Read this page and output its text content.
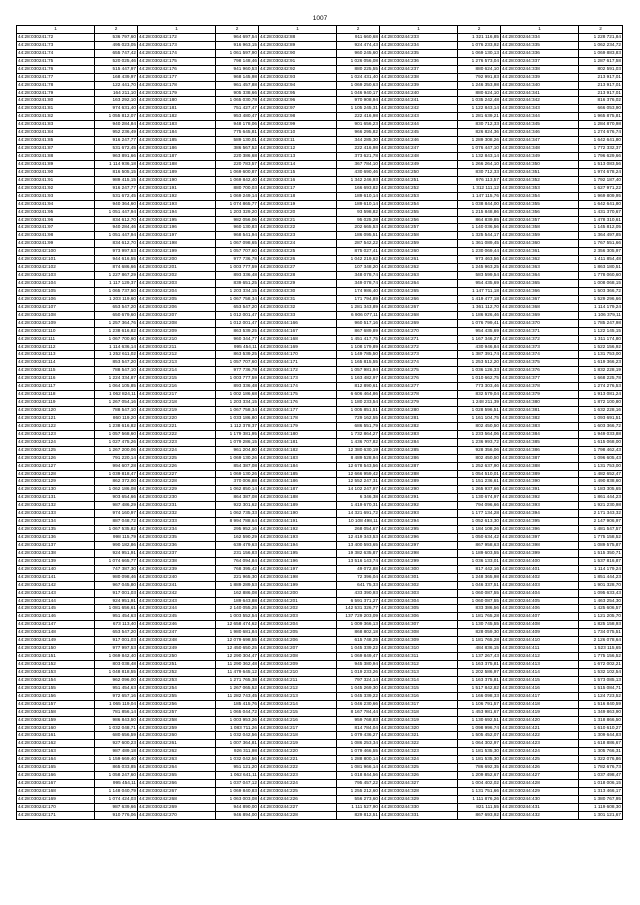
1007
1	2	1	2	1	2	1	2	1	2
44:28:030241:72	536 797,60	44:28:030242:172	964 697,54	44:28:030242:88	911 660,68	44:28:030244:233	1 321 116,85	44:28:030244:334	1 228 721,84
44:28:030241:73	495 023,05	44:28:030242:173	916 963,15	44:28:030242:89	924 474,43	44:28:030244:234	1 076 233,92	44:28:030244:335	1 062 234,72
44:28:030241:74	655 747,42	44:28:030242:174	1 061 597,90	44:28:030242:90	960 245,60	44:28:030244:235	1 069 130,13	44:28:030244:336	1 069 883,83
44:28:030241:75	520 025,46	44:28:030242:175	798 148,46	44:28:030242:91	1 026 056,08	44:28:030244:236	1 276 573,04	44:28:030244:337	1 287 617,58
44:28:030241:76	515 447,97	44:28:030242:176	941 960,53	44:28:030242:92	880 225,55	44:28:030244:237	880 624,10	44:28:030244:338	802 591,03
44:28:030241:77	168 439,97	44:28:030242:177	968 145,98	44:28:030242:93	1 024 431,40	44:28:030244:238	792 991,83	44:28:030244:339	213 917,01
44:28:030241:78	122 441,70	44:28:030242:178	961 457,88	44:28:030242:94	1 069 250,63	44:28:030244:239	1 246 353,98	44:28:030244:340	213 917,01
44:28:030241:79	164 211,10	44:28:030242:179	905 338,66	44:28:030242:95	1 046 940,17	44:28:030244:240	880 624,10	44:28:030244:341	213 917,01
44:28:030241:80	163 292,10	44:28:030242:180	1 065 030,78	44:28:030242:96	970 908,94	44:28:030244:241	1 035 242,48	44:28:030244:342	816 376,02
44:28:030241:81	974 631,40	44:28:030242:181	751 427,47	44:28:030242:97	1 105 245,31	44:28:030244:242	1 122 843,14	44:28:030244:343	666 053,90
44:28:030241:82	1 055 812,07	44:28:030242:182	953 480,47	44:28:030242:98	222 416,98	44:28:030244:243	1 281 639,21	44:28:030244:344	1 965 875,81
44:28:030241:83	940 284,84	44:28:030242:183	948 178,06	44:28:030242:99	901 656,23	44:28:030244:244	830 712,33	44:28:030244:345	1 284 870,98
44:28:030241:84	952 236,49	44:28:030242:184	775 645,81	44:28:030243:10	966 295,82	44:28:030244:245	826 824,36	44:28:030244:346	1 274 676,74
44:28:030241:85	916 247,77	44:28:030242:185	589 130,01	44:28:030243:11	344 285,30	44:28:030244:246	1 289 308,26	44:28:030244:347	1 642 641,80
44:28:030241:87	531 672,45	44:28:030242:186	386 567,52	44:28:030243:12	222 416,98	44:28:030244:247	1 076 447,10	44:28:030244:348	1 772 332,37
44:28:030241:88	963 891,66	44:28:030242:187	220 386,68	44:28:030243:13	373 621,78	44:28:030244:248	1 132 843,14	44:28:030244:349	1 796 629,66
44:28:030241:89	1 114 936,18	44:28:030242:188	220 783,57	44:28:030243:14	367 784,10	44:28:030244:249	1 266 264,10	44:28:030244:350	1 513 083,56
44:28:030241:90	816 505,15	44:28:030242:189	1 069 600,87	44:28:030243:15	430 690,46	44:28:030244:250	830 712,33	44:28:030244:351	1 974 678,24
44:28:030241:91	989 415,15	44:28:030242:190	1 069 842,40	44:28:030243:16	1 342 246,93	44:28:030244:251	976 113,57	44:28:030244:352	1 792 187,40
44:28:030241:92	916 247,77	44:28:030242:191	880 700,03	44:28:030243:17	166 693,82	44:28:030244:252	1 312 111,12	44:28:030244:353	1 627 971,22
44:28:030241:93	531 672,45	44:28:030242:192	1 069 249,14	44:28:030243:18	189 610,14	44:28:030244:253	1 147 115,76	44:28:030244:354	1 969 809,95
44:28:030241:94	940 364,60	44:28:030242:193	1 074 865,77	44:28:030243:19	189 610,14	44:28:030244:254	1 038 844,00	44:28:030244:355	1 642 641,80
44:28:030241:95	1 051 447,94	44:28:030242:194	1 203 329,20	44:28:030243:20	93 598,82	44:28:030244:255	1 215 848,86	44:28:030244:356	1 431 370,67
44:28:030241:96	834 612,70	44:28:030242:195	982 056,06	44:28:030243:21	95 025,28	44:28:030244:256	864 839,85	44:28:030244:357	1 478 310,61
44:28:030241:97	940 284,46	44:28:030242:196	960 130,83	44:28:030243:22	202 665,53	44:28:030244:257	1 140 036,56	44:28:030244:358	1 145 812,05
44:28:030241:98	1 051 447,94	44:28:030242:197	968 541,94	44:28:030243:23	186 095,51	44:28:030244:258	1 325 544,17	44:28:030244:359	1 364 497,85
44:28:030241:99	834 612,70	44:28:030242:198	1 067 098,65	44:28:030243:24	287 542,22	44:28:030244:259	1 361 089,45	44:28:030244:360	1 767 551,66
44:28:030242:100	973 997,53	44:28:030242:199	1 057 707,60	44:28:030243:25	875 027,41	44:28:030244:260	1 230 069,44	44:28:030244:361	2 356 305,97
44:28:030242:101	944 616,55	44:28:030242:200	977 736,78	44:28:030243:26	1 042 219,62	44:28:030244:261	973 463,56	44:28:030244:362	1 411 854,48
44:28:030242:102	874 686,66	44:28:030242:201	1 003 777,59	44:28:030243:27	107 348,20	44:28:030244:262	1 245 963,25	44:28:030244:363	1 863 180,51
44:28:030242:103	1 227 867,29	44:28:030242:202	893 336,48	44:28:030243:28	348 078,74	44:28:030244:263	583 599,54	44:28:030244:364	1 778 060,60
44:28:030242:104	1 117 129,37	44:28:030242:203	839 651,25	44:28:030243:29	349 078,74	44:28:030244:264	954 435,69	44:28:030244:365	1 008 068,15
44:28:030242:105	1 065 737,50	44:28:030242:204	1 203 334,15	44:28:030243:30	174 986,40	44:28:030244:265	1 147 711,18	44:28:030244:366	1 503 366,72
44:28:030242:106	1 203 119,60	44:28:030242:205	1 067 758,34	44:28:030243:31	171 794,89	44:28:030244:266	1 419 477,18	44:28:030244:367	1 529 296,66
44:28:030242:107	653 547,20	44:28:030242:206	653 547,20	44:28:030243:32	1 281 343,89	44:28:030244:267	1 361 112,70	44:28:030244:368	1 114 179,24
44:28:030242:108	650 679,60	44:28:030242:207	1 012 001,47	44:28:030243:33	6 906 077,11	44:28:030244:268	1 186 926,46	44:28:030244:369	1 106 379,11
44:28:030242:109	1 257 364,76	44:28:030242:208	1 012 001,47	44:28:030244:166	960 517,16	44:28:030244:269	1 076 799,41	44:28:030244:370	1 785 247,98
44:28:030242:110	1 238 616,82	44:28:030242:209	863 539,25	44:28:030244:167	867 689,89	44:28:030244:270	954 435,69	44:28:030244:371	1 122 145,15
44:28:030242:111	1 067 700,60	44:28:030242:210	960 344,77	44:28:030244:168	1 451 417,75	44:28:030244:271	1 167 346,27	44:28:030244:372	1 311 174,80
44:28:030242:112	1 114 636,14	44:28:030242:211	995 454,11	44:28:030244:169	1 108 179,89	44:28:030244:272	430 946,84	44:28:030244:373	1 522 156,92
44:28:030242:113	1 252 611,02	44:28:030242:212	863 539,25	44:28:030244:170	1 149 785,50	44:28:030244:273	1 387 391,74	44:28:030244:374	1 131 753,00
44:28:030242:114	853 547,20	44:28:030242:213	1 057 707,60	44:28:030244:171	1 165 815,55	44:28:030244:274	1 253 512,20	44:28:030244:375	1 619 366,23
44:28:030242:115	788 547,10	44:28:030242:214	977 736,78	44:28:030244:172	1 057 981,94	44:28:030244:275	1 036 126,33	44:28:030244:376	1 832 228,19
44:28:030242:116	1 224 334,87	44:28:030242:215	1 003 777,59	44:28:030244:173	1 163 482,97	44:28:030244:276	1 010 662,75	44:28:030244:377	1 668 225,78
44:28:030242:117	1 064 105,85	44:28:030242:216	893 336,48	44:28:030244:174	812 890,61	44:28:030244:277	773 303,46	44:28:030244:378	1 274 276,53
44:28:030242:118	1 062 824,11	44:28:030242:217	1 002 186,68	44:28:030244:175	6 606 464,86	44:28:030244:278	832 579,04	44:28:030244:379	1 913 081,24
44:28:030242:119	1 267 054,16	44:28:030242:218	1 203 334,15	44:28:030244:176	1 180 233,54	44:28:030244:279	1 248 211,39	44:28:030244:380	1 872 100,80
44:28:030242:120	788 547,10	44:28:030242:219	1 067 758,34	44:28:030244:177	1 005 851,51	44:28:030244:280	1 028 596,51	44:28:030244:381	1 632 228,16
44:28:030242:121	860 119,20	44:28:030242:220	1 033 186,80	44:28:030244:178	729 162,55	44:28:030244:281	1 161 104,75	44:28:030244:382	1 093 691,51
44:28:030242:122	1 238 616,82	44:28:030242:221	1 112 378,37	44:28:030244:179	686 551,79	44:28:030244:282	802 450,50	44:28:030244:383	1 603 366,72
44:28:030242:123	1 057 568,60	44:28:030242:222	1 179 381,95	44:28:030244:180	1 732 864,27	44:28:030244:283	1 233 564,06	44:28:030244:384	1 949 033,88
44:28:030242:124	1 027 475,26	44:28:030242:223	1 079 286,15	44:28:030244:181	1 436 707,82	44:28:030244:284	1 236 993,72	44:28:030244:385	1 615 068,00
44:28:030242:125	1 267 200,06	44:28:030242:224	961 204,80	44:28:030244:182	12 380 630,19	44:28:030244:285	928 356,06	44:28:030244:386	1 798 462,43
44:28:030242:126	791 220,14	44:28:030242:225	1 069 130,26	44:28:030244:183	8 489 528,94	44:28:030244:286	802 450,50	44:28:030244:387	1 096 605,43
44:28:030242:127	994 607,28	44:28:030242:226	854 387,08	44:28:030244:184	12 678 543,56	44:28:030244:287	1 252 637,90	44:28:030244:388	1 131 753,00
44:28:030242:128	1 039 818,47	44:28:030242:227	1 069 130,26	44:28:030244:185	12 666 959,42	44:28:030244:288	1 054 510,01	44:28:030244:389	1 482 652,47
44:28:030242:129	862 372,00	44:28:030242:228	370 006,88	44:28:030244:186	12 552 247,31	44:28:030244:289	1 151 236,61	44:28:030244:390	1 490 838,60
44:28:030242:130	1 062 186,08	44:28:030242:229	1 062 850,14	44:28:030244:187	14 102 247,97	44:28:030244:290	1 265 937,66	44:28:030244:391	1 183 305,65
44:28:030242:131	903 654,66	44:28:030242:230	864 387,08	44:28:030244:188	6 346,38	44:28:030244:291	1 130 674,97	44:28:030244:392	1 861 444,23
44:28:030242:132	987 486,29	44:28:030242:231	922 301,62	44:28:030244:189	1 419 670,31	44:28:030244:292	794 096,66	44:28:030244:393	1 921 230,98
44:28:030242:133	974 160,97	44:28:030242:232	1 062 735,33	44:28:030244:190	14 321 691,72	44:28:030244:293	1 177 134,28	44:28:030244:394	2 171 343,32
44:28:030242:134	887 048,72	44:28:030242:233	8 994 788,64	44:28:030244:191	10 108 498,11	44:28:030244:294	1 052 613,30	44:28:030244:395	2 147 906,97
44:28:030242:135	1 067 535,82	44:28:030242:234	295 952,16	44:28:030244:192	268 054,67	44:28:030244:295	1 184 108,26	44:28:030244:396	1 481 547,57
44:28:030242:136	998 115,79	44:28:030242:235	162 590,29	44:28:030244:193	12 419 343,53	44:28:030244:296	1 050 634,42	44:28:030244:397	1 775 158,52
44:28:030242:137	990 182,86	44:28:030242:236	639 479,63	44:28:030244:194	13 400 593,65	44:28:030244:297	867 958,63	44:28:030244:398	1 089 575,87
44:28:030242:138	924 951,91	44:28:030242:237	231 156,83	44:28:030244:195	19 382 635,87	44:28:030244:298	1 189 603,55	44:28:030244:399	1 515 350,71
44:28:030242:139	1 074 665,77	44:28:030242:238	764 094,84	44:28:030244:196	13 516 143,74	44:28:030244:299	1 036 133,01	44:28:030244:400	1 537 816,87
44:28:030242:140	747 387,30	44:28:030242:239	768 395,42	44:28:030244:197	49 072,88	44:28:030244:300	817 442,16	44:28:030244:401	1 114 179,24
44:28:030242:141	980 098,46	44:28:030242:240	221 965,30	44:28:030244:198	72 396,04	44:28:030244:301	1 248 365,98	44:28:030244:402	1 851 444,23
44:28:030242:142	967 045,80	44:28:030242:241	1 889 289,53	44:28:030244:199	641 75,33	44:28:030244:302	1 046 337,51	44:28:030244:403	1 901 328,70
44:28:030242:143	917 001,03	44:28:030242:242	162 886,08	44:28:030244:200	433 390,93	44:28:030244:303	1 060 087,55	44:28:030244:404	1 095 633,43
44:28:030242:144	924 951,91	44:28:030242:243	189 643,88	44:28:030244:201	6 591 371,27	44:28:030244:304	1 060 087,55	44:28:030244:405	1 463 254,30
44:28:030242:145	1 081 656,61	44:28:030242:244	2 140 055,25	44:28:030244:202	142 531 326,77	44:28:030244:305	833 386,56	44:28:030244:406	1 425 606,57
44:28:030242:146	951 454,63	44:28:030242:245	1 003 552,54	44:28:030244:203	137 729 203,09	44:28:030244:306	1 181 765,28	44:28:030244:407	1 121 205,70
44:28:030242:147	673 113,40	44:28:030242:246	12 658 474,62	44:28:030244:204	1 009 366,13	44:28:030244:307	1 130 745,55	44:28:030244:408	1 825 158,93
44:28:030242:148	653 547,20	44:28:030242:247	1 980 681,84	44:28:030244:205	868 802,18	44:28:030244:308	828 059,30	44:28:030244:409	1 734 075,51
44:28:030242:149	917 001,03	44:28:030242:248	12 079 698,55	44:28:030244:206	615 748,25	44:28:030244:309	1 181 765,28	44:28:030244:410	2 126 078,64
44:28:030242:150	977 997,53	44:28:030242:249	12 450 650,25	44:28:030244:207	1 045 339,22	44:28:030244:310	484 836,15	44:28:030244:411	1 523 115,65
44:28:030242:151	1 069 842,40	44:28:030242:250	12 290 304,47	44:28:030244:208	1 069 849,47	44:28:030244:311	1 137 267,43	44:28:030244:412	1 775 156,52
44:28:030242:152	803 038,48	44:28:030242:251	11 290 362,48	44:28:030244:209	945 380,94	44:28:030244:312	1 163 375,81	44:28:030244:413	1 672 002,21
44:28:030242:153	1 048 818,55	44:28:030242:252	11 479 645,12	44:28:030244:210	1 019 233,26	44:28:030244:313	1 202 586,97	44:28:030244:414	1 532 102,54
44:28:030242:154	962 096,00	44:28:030242:253	1 271 765,38	44:28:030244:211	797 324,14	44:28:030244:314	1 163 375,81	44:28:030244:415	1 573 085,13
44:28:030242:155	951 454,63	44:28:030242:254	1 267 065,52	44:28:030244:212	1 045 269,30	44:28:030244:315	1 517 842,82	44:28:030244:416	1 515 084,71
44:28:030242:156	972 657,16	44:28:030242:255	11 282 743,45	44:28:030244:213	1 045 339,22	44:28:030244:316	1 166 098,33	44:28:030244:417	1 124 723,52
44:28:030242:157	1 065 119,04	44:28:030242:256	185 415,76	44:28:030244:214	1 046 230,66	44:28:030244:317	1 106 791,57	44:28:030244:418	1 516 840,59
44:28:030242:158	781 856,14	44:28:030242:257	1 065 044,72	44:28:030244:215	8 167 784,44	44:28:030244:318	1 453 981,67	44:28:030244:419	1 349 863,90
44:28:030242:159	986 843,50	44:28:030242:258	1 003 953,26	44:28:030244:216	959 768,83	44:28:030244:319	1 130 692,51	44:28:030244:420	1 318 866,50
44:28:030242:160	1 032 048,71	44:28:030242:259	1 083 711,26	44:28:030244:217	814 784,04	44:28:030244:320	1 098 996,74	44:28:030244:421	1 610 610,27
44:28:030242:161	680 656,59	44:28:030242:260	1 032 042,56	44:28:030244:218	1 079 436,27	44:28:030244:321	1 505 452,07	44:28:030244:422	1 309 644,83
44:28:030242:162	927 600,23	44:28:030242:261	1 007 364,81	44:28:030244:219	1 086 253,34	44:28:030244:322	1 064 302,97	44:28:030244:423	1 618 886,67
44:28:030242:163	987 489,18	44:28:030242:262	926 311,98	44:28:030244:220	1 079 466,55	44:28:030244:323	1 181 535,30	44:28:030244:424	1 305 766,31
44:28:030242:164	1 159 669,40	44:28:030242:263	1 032 042,56	44:28:030244:221	1 288 800,14	44:28:030244:324	1 181 535,30	44:28:030244:425	1 322 076,86
44:28:030242:165	865 033,85	44:28:030242:264	951 121,20	44:28:030244:222	1 081 966,14	44:28:030244:325	786 692,35	44:28:030244:426	1 782 676,73
44:28:030242:166	1 058 247,60	44:28:030242:265	1 062 641,11	44:28:030244:223	1 018 844,56	44:28:030244:326	1 209 852,67	44:28:030244:427	1 037 498,47
44:28:030242:167	995 454,11	44:28:030242:266	1 037 047,12	44:28:030244:224	795 457,22	44:28:030244:327	1 004 402,02	44:28:030244:428	1 018 006,15
44:28:030242:168	1 148 040,79	44:28:030242:267	1 069 840,83	44:28:030244:225	1 255 212,60	44:28:030244:328	1 131 751,66	44:28:030244:429	1 313 466,17
44:28:030242:169	1 074 424,03	44:28:030242:268	1 063 003,08	44:28:030244:226	556 273,60	44:28:030244:329	1 111 876,26	44:28:030244:430	1 380 767,95
44:28:030242:170	987 639,66	44:28:030242:269	944 890,00	44:28:030244:227	1 111 527,90	44:28:030244:330	821 111,55	44:28:030244:431	1 119 608,30
44:28:030242:171	910 776,06	44:28:030242:270	946 894,00	44:28:030244:228	829 812,51	44:28:030244:331	867 693,92	44:28:030244:432	1 301 121,67
